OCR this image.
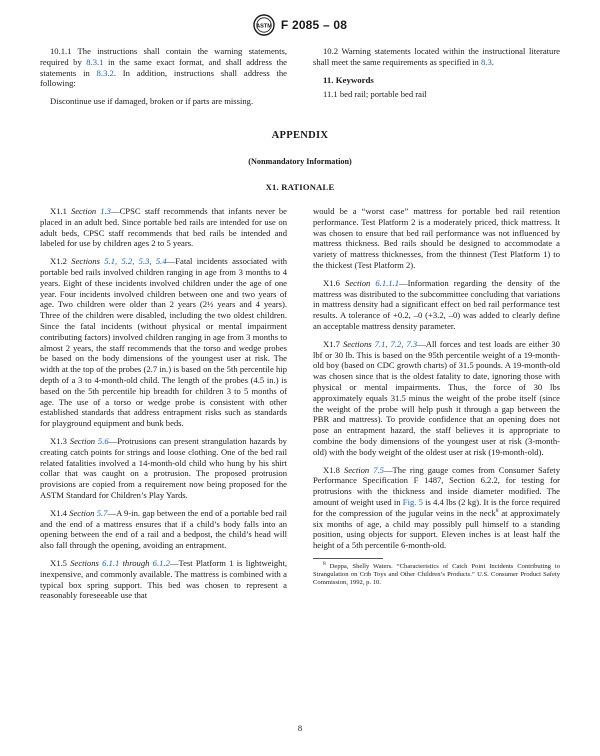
ASTM F 2085 – 08

10.1.1 The instructions shall contain the warning statements, required by 8.3.1 in the same exact format, and shall address the statements in 8.3.2. In addition, instructions shall address the following:

Discontinue use if damaged, broken or if parts are missing.

10.2 Warning statements located within the instructional literature shall meet the same requirements as specified in 8.3.

11. Keywords

11.1 bed rail; portable bed rail

APPENDIX
(Nonmandatory Information)
X1. RATIONALE

X1.1 Section 1.3—CPSC staff recommends that infants never be placed in an adult bed. Since portable bed rails are intended for use on adult beds, CPSC staff recommends that bed rails be intended and labeled for use by children ages 2 to 5 years.

X1.2 Sections 5.1, 5.2, 5.3, 5.4—Fatal incidents associated with portable bed rails involved children ranging in age from 3 months to 4 years. Eight of these incidents involved children under the age of one year. Four incidents involved children between one and two years of age. Two children were older than 2 years (2½ years and 4 years). Three of the children were disabled, including the two oldest children. Since the fatal incidents (without physical or mental impairment contributing factors) involved children ranging in age from 3 months to almost 2 years, the staff recommends that the torso and wedge probes be based on the body dimensions of the youngest user at risk. The width at the top of the probes (2.7 in.) is based on the 5th percentile hip depth of a 3 to 4-month-old child. The length of the probes (4.5 in.) is based on the 5th percentile hip breadth for children 3 to 5 months of age. The use of a torso or wedge probe is consistent with other established standards that address entrapment risks such as standards for playground equipment and bunk beds.

X1.3 Section 5.6—Protrusions can present strangulation hazards by creating catch points for strings and loose clothing. One of the bed rail related fatalities involved a 14-month-old child who hung by his shirt collar that was caught on a protrusion. The proposed protrusion provisions are copied from a requirement now being proposed for the ASTM Standard for Children’s Play Yards.

X1.4 Section 5.7—A 9-in. gap between the end of a portable bed rail and the end of a mattress ensures that if a child’s body falls into an opening between the end of a rail and a bedpost, the child’s head will also fall through the opening, avoiding an entrapment.

X1.5 Sections 6.1.1 through 6.1.2—Test Platform 1 is lightweight, inexpensive, and commonly available. The mattress is combined with a typical box spring support. This bed was chosen to represent a reasonably foreseeable use that

would be a “worst case” mattress for portable bed rail retention performance. Test Platform 2 is a moderately priced, thick mattress. It was chosen to ensure that bed rail performance was not influenced by mattress thickness. Bed rails should be designed to accommodate a variety of mattress thicknesses, from the thinnest (Test Platform 1) to the thickest (Test Platform 2).

X1.6 Section 6.1.1.1—Information regarding the density of the mattress was distributed to the subcommittee concluding that variations in mattress density had a significant effect on bed rail performance test results. A tolerance of +0.2, –0 (+3.2, –0) was added to clearly define an acceptable mattress density parameter.

X1.7 Sections 7.1, 7.2, 7.3—All forces and test loads are either 30 lbf or 30 lb. This is based on the 95th percentile weight of a 19-month-old boy (based on CDC growth charts) of 31.5 pounds. A 19-month-old was chosen since that is the oldest fatality to date, ignoring those with physical or mental impairments. Thus, the force of 30 lbs approximately equals 31.5 minus the weight of the probe itself (since the weight of the probe will help push it through a gap between the PBR and mattress). To provide confidence that an opening does not pose an entrapment hazard, the staff believes it is appropriate to combine the body dimensions of the youngest user at risk (3-month-old) with the body weight of the oldest user at risk (19-month-old).

X1.8 Section 7.5—The ring gauge comes from Consumer Safety Performance Specification F 1487, Section 6.2.2, for testing for protrusions with the thickness and inside diameter modified. The amount of weight used in Fig. 5 is 4.4 lbs (2 kg). It is the force required for the compression of the jugular veins in the neck$^8$ at approximately six months of age, a child may possibly pull himself to a standing position, using objects for support. Eleven inches is at least half the height of a 5th percentile 6-month-old.

$^8$ Deppa, Shelly Waters. “Characteristics of Catch Point Incidents Contributing to Strangulation on Crib Toys and Other Children’s Products.” U.S. Consumer Product Safety Commission, 1992, p. 10.
8
